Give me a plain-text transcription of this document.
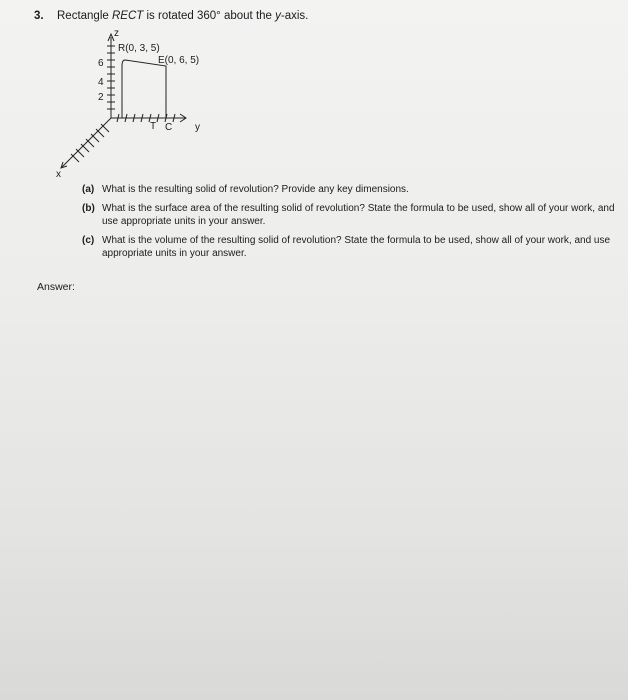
3. Rectangle RECT is rotated 360° about the y-axis.
z
6
4
2
R(0, 3, 5)
E(0, 6, 5)
T C y
x
(a) What is the resulting solid of revolution? Provide any key dimensions.
(b) What is the surface area of the resulting solid of revolution? State the formula to be used, show all of your work, and use appropriate units in your answer.
(c) What is the volume of the resulting solid of revolution? State the formula to be used, show all of your work, and use appropriate units in your answer.
Answer:
